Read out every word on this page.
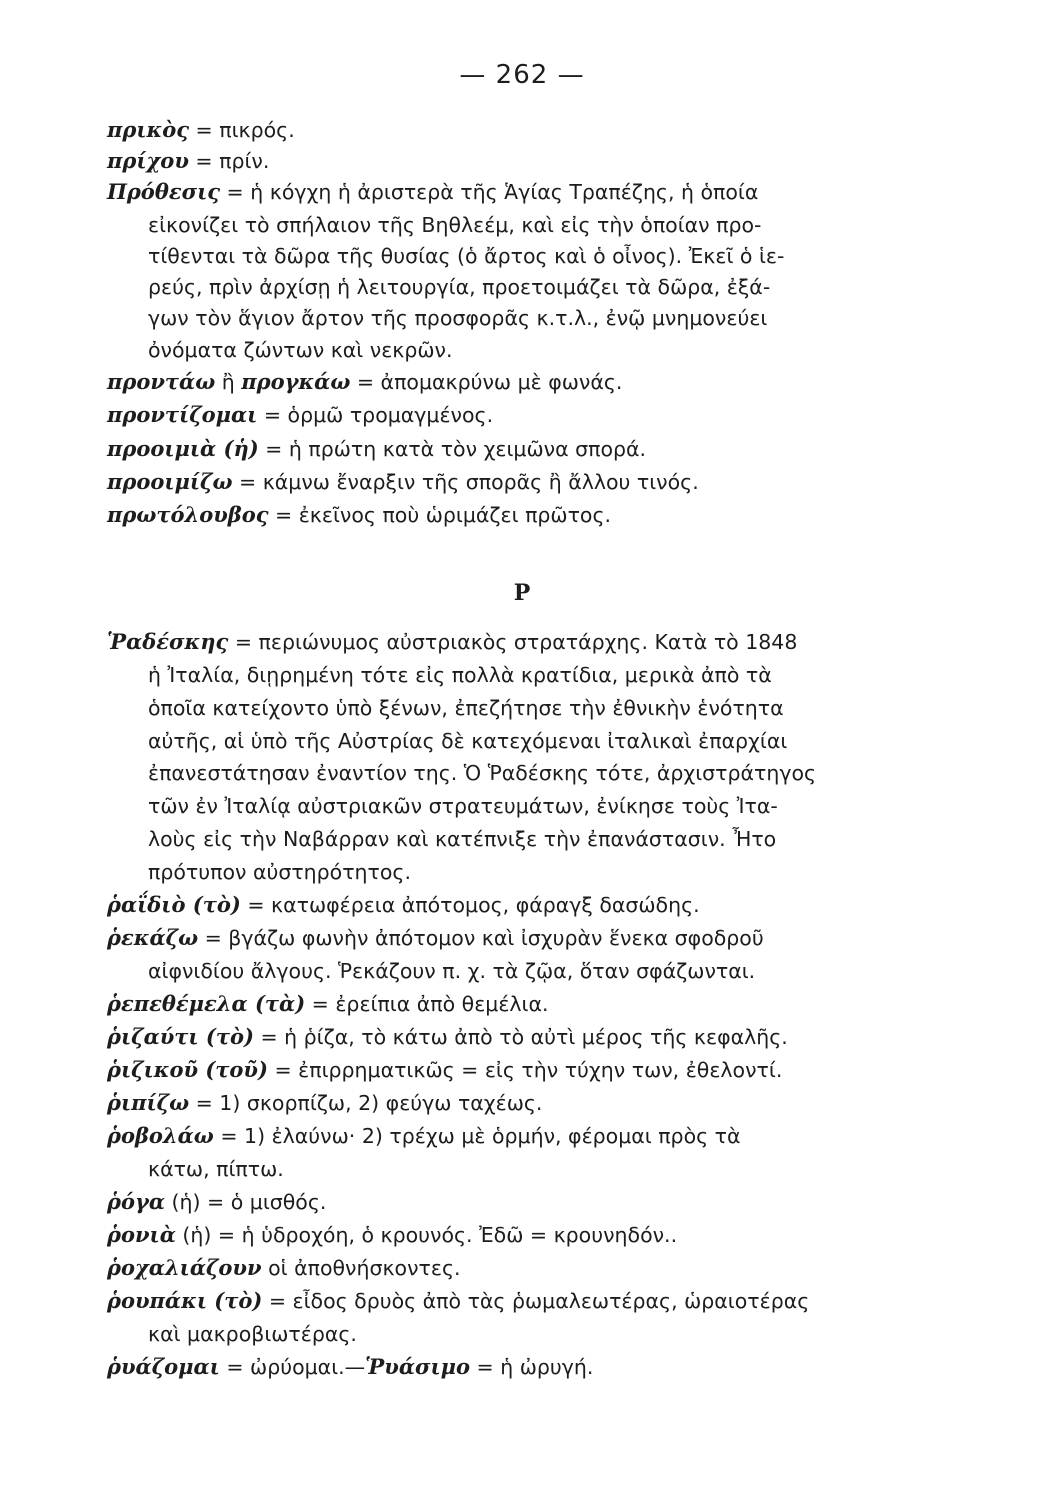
— 262 —
πρικὸς = πικρός.
πρίχου = πρίν.
Πρόθεσις = ἡ κόγχη ἡ ἀριστερὰ τῆς Ἁγίας Τραπέζης, ἡ ὁποία
εἰκονίζει τὸ σπήλαιον τῆς Βηθλεέμ, καὶ εἰς τὴν ὁποίαν προ-
τίθενται τὰ δῶρα τῆς θυσίας (ὁ ἄρτος καὶ ὁ οἶνος). Ἐκεῖ ὁ ἱε-
ρεύς, πρὶν ἀρχίσῃ ἡ λειτουργία, προετοιμάζει τὰ δῶρα, ἐξά-
γων τὸν ἅγιον ἄρτον τῆς προσφορᾶς κ.τ.λ., ἐνῷ μνημονεύει
ὀνόματα ζώντων καὶ νεκρῶν.
προντάω ἢ προγκάω = ἀπομακρύνω μὲ φωνάς.
προντίζομαι = ὁρμῶ τρομαγμένος.
προοιμιὰ (ἡ) = ἡ πρώτη κατὰ τὸν χειμῶνα σπορά.
προοιμίζω = κάμνω ἔναρξιν τῆς σπορᾶς ἢ ἄλλου τινός.
πρωτόλουβος = ἐκεῖνος ποὺ ὡριμάζει πρῶτος.
Ρ
Ῥαδέσκης = περιώνυμος αὐστριακὸς στρατάρχης. Κατὰ τὸ 1848
ἡ Ἰταλία, διῃρημένη τότε εἰς πολλὰ κρατίδια, μερικὰ ἀπὸ τὰ
ὁποῖα κατείχοντο ὑπὸ ξένων, ἐπεζήτησε τὴν ἐθνικὴν ἑνότητα
αὐτῆς, αἱ ὑπὸ τῆς Αὐστρίας δὲ κατεχόμεναι ἰταλικαὶ ἐπαρχίαι
ἐπανεστάτησαν ἐναντίον της. Ὁ Ῥαδέσκης τότε, ἀρχιστράτηγος
τῶν ἐν Ἰταλίᾳ αὐστριακῶν στρατευμάτων, ἐνίκησε τοὺς Ἰτα-
λοὺς εἰς τὴν Ναβάρραν καὶ κατέπνιξε τὴν ἐπανάστασιν. Ἦτο
πρότυπον αὐστηρότητος.
ῥαΐδιὸ (τὸ) = κατωφέρεια ἀπότομος, φάραγξ δασώδης.
ῥεκάζω = βγάζω φωνὴν ἀπότομον καὶ ἰσχυρὰν ἕνεκα σφοδροῦ
αἰφνιδίου ἄλγους. Ῥεκάζουν π. χ. τὰ ζῷα, ὅταν σφάζωνται.
ῥεπεθέμελα (τὰ) = ἐρείπια ἀπὸ θεμέλια.
ῥιζαύτι (τὸ) = ἡ ῥίζα, τὸ κάτω ἀπὸ τὸ αὐτὶ μέρος τῆς κεφαλῆς.
ῥιζικοῦ (τοῦ) = ἐπιρρηματικῶς = εἰς τὴν τύχην των, ἐθελοντί.
ῥιπίζω = 1) σκορπίζω, 2) φεύγω ταχέως.
ῥοβολάω = 1) ἐλαύνω· 2) τρέχω μὲ ὁρμήν, φέρομαι πρὸς τὰ
κάτω, πίπτω.
ῥόγα (ἡ) = ὁ μισθός.
ῥονιὰ (ἡ) = ἡ ὑδροχόη, ὁ κρουνός. Ἐδῶ = κρουνηδόν..
ῥοχαλιάζουν οἱ ἀποθνήσκοντες.
ῥουπάκι (τὸ) = εἶδος δρυὸς ἀπὸ τὰς ῥωμαλεωτέρας, ὡραιοτέρας
καὶ μακροβιωτέρας.
ῥυάζομαι = ὠρύομαι.—Ῥυάσιμο = ἡ ὠρυγή.
